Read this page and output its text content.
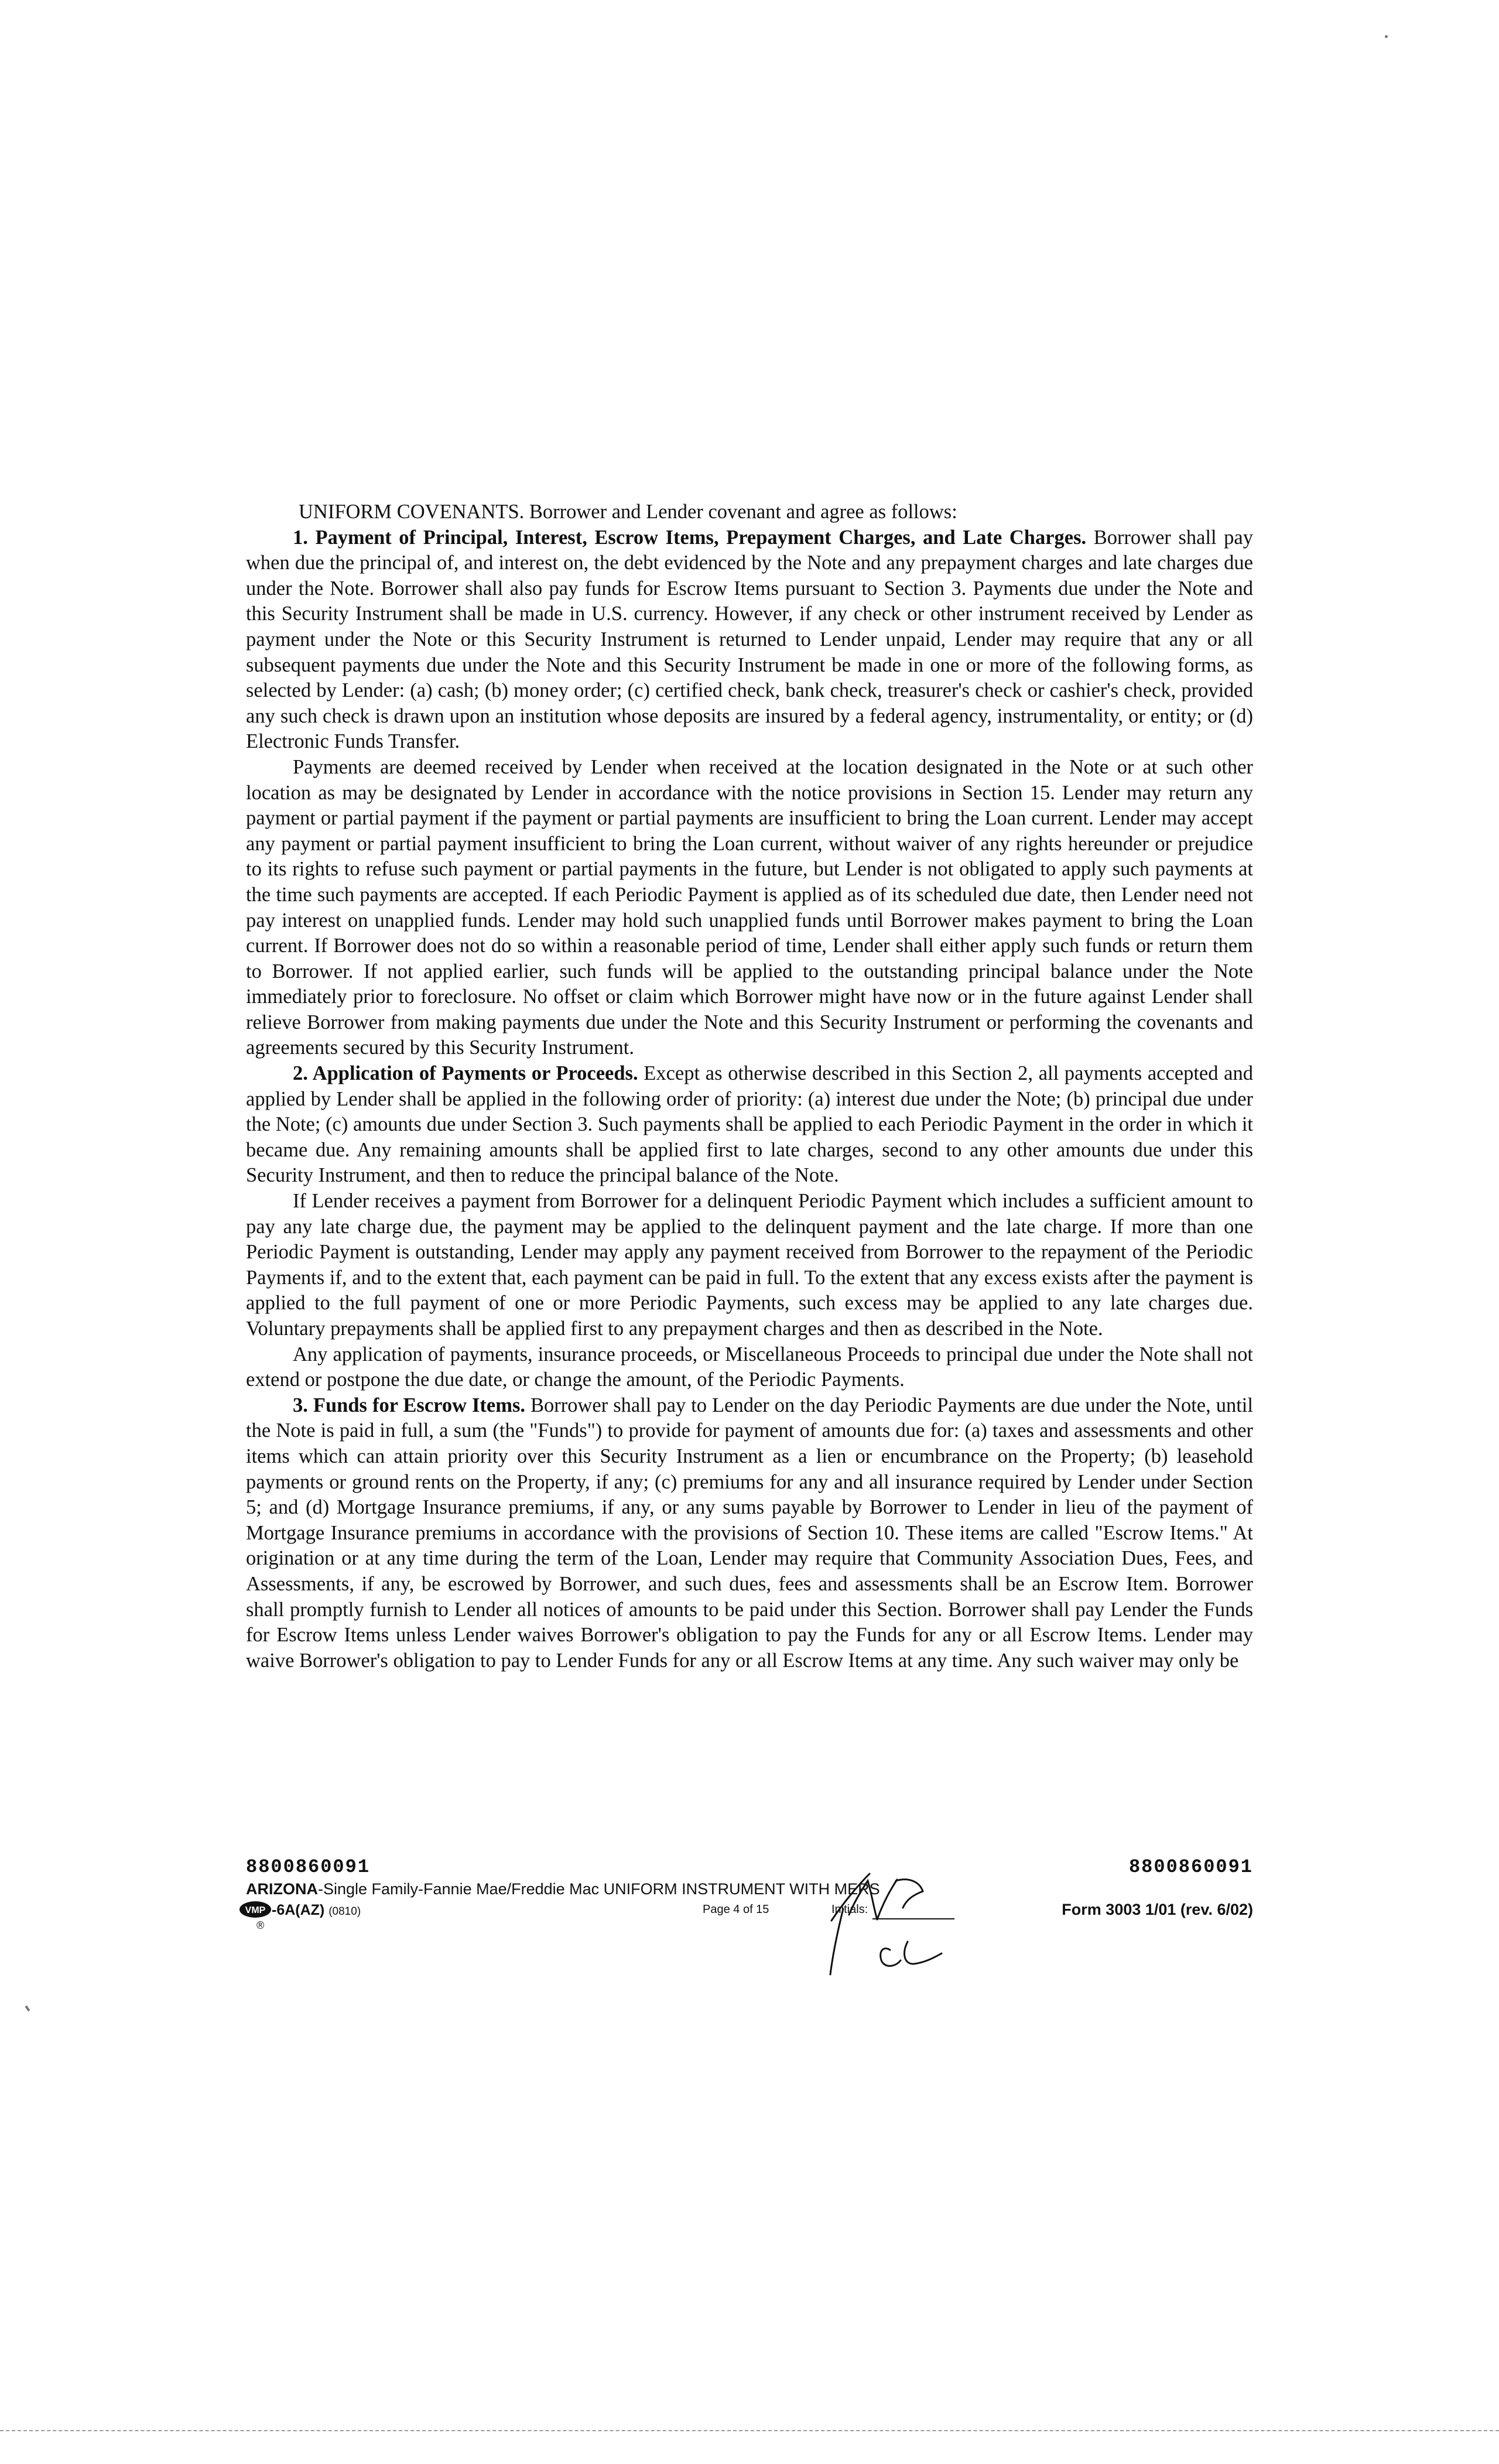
UNIFORM COVENANTS. Borrower and Lender covenant and agree as follows:

1. Payment of Principal, Interest, Escrow Items, Prepayment Charges, and Late Charges. Borrower shall pay when due the principal of, and interest on, the debt evidenced by the Note and any prepayment charges and late charges due under the Note. Borrower shall also pay funds for Escrow Items pursuant to Section 3. Payments due under the Note and this Security Instrument shall be made in U.S. currency. However, if any check or other instrument received by Lender as payment under the Note or this Security Instrument is returned to Lender unpaid, Lender may require that any or all subsequent payments due under the Note and this Security Instrument be made in one or more of the following forms, as selected by Lender: (a) cash; (b) money order; (c) certified check, bank check, treasurer's check or cashier's check, provided any such check is drawn upon an institution whose deposits are insured by a federal agency, instrumentality, or entity; or (d) Electronic Funds Transfer.

Payments are deemed received by Lender when received at the location designated in the Note or at such other location as may be designated by Lender in accordance with the notice provisions in Section 15. Lender may return any payment or partial payment if the payment or partial payments are insufficient to bring the Loan current. Lender may accept any payment or partial payment insufficient to bring the Loan current, without waiver of any rights hereunder or prejudice to its rights to refuse such payment or partial payments in the future, but Lender is not obligated to apply such payments at the time such payments are accepted. If each Periodic Payment is applied as of its scheduled due date, then Lender need not pay interest on unapplied funds. Lender may hold such unapplied funds until Borrower makes payment to bring the Loan current. If Borrower does not do so within a reasonable period of time, Lender shall either apply such funds or return them to Borrower. If not applied earlier, such funds will be applied to the outstanding principal balance under the Note immediately prior to foreclosure. No offset or claim which Borrower might have now or in the future against Lender shall relieve Borrower from making payments due under the Note and this Security Instrument or performing the covenants and agreements secured by this Security Instrument.

2. Application of Payments or Proceeds. Except as otherwise described in this Section 2, all payments accepted and applied by Lender shall be applied in the following order of priority: (a) interest due under the Note; (b) principal due under the Note; (c) amounts due under Section 3. Such payments shall be applied to each Periodic Payment in the order in which it became due. Any remaining amounts shall be applied first to late charges, second to any other amounts due under this Security Instrument, and then to reduce the principal balance of the Note.

If Lender receives a payment from Borrower for a delinquent Periodic Payment which includes a sufficient amount to pay any late charge due, the payment may be applied to the delinquent payment and the late charge. If more than one Periodic Payment is outstanding, Lender may apply any payment received from Borrower to the repayment of the Periodic Payments if, and to the extent that, each payment can be paid in full. To the extent that any excess exists after the payment is applied to the full payment of one or more Periodic Payments, such excess may be applied to any late charges due. Voluntary prepayments shall be applied first to any prepayment charges and then as described in the Note.

Any application of payments, insurance proceeds, or Miscellaneous Proceeds to principal due under the Note shall not extend or postpone the due date, or change the amount, of the Periodic Payments.

3. Funds for Escrow Items. Borrower shall pay to Lender on the day Periodic Payments are due under the Note, until the Note is paid in full, a sum (the "Funds") to provide for payment of amounts due for: (a) taxes and assessments and other items which can attain priority over this Security Instrument as a lien or encumbrance on the Property; (b) leasehold payments or ground rents on the Property, if any; (c) premiums for any and all insurance required by Lender under Section 5; and (d) Mortgage Insurance premiums, if any, or any sums payable by Borrower to Lender in lieu of the payment of Mortgage Insurance premiums in accordance with the provisions of Section 10. These items are called "Escrow Items." At origination or at any time during the term of the Loan, Lender may require that Community Association Dues, Fees, and Assessments, if any, be escrowed by Borrower, and such dues, fees and assessments shall be an Escrow Item. Borrower shall promptly furnish to Lender all notices of amounts to be paid under this Section. Borrower shall pay Lender the Funds for Escrow Items unless Lender waives Borrower's obligation to pay the Funds for any or all Escrow Items. Lender may waive Borrower's obligation to pay to Lender Funds for any or all Escrow Items at any time. Any such waiver may only be

8800860091	8800860091
ARIZONA-Single Family-Fannie Mae/Freddie Mac UNIFORM INSTRUMENT WITH MERS
VMP
®
-6A(AZ) (0810)	Page 4 of 15	Initials:	Form 3003 1/01 (rev. 6/02)
